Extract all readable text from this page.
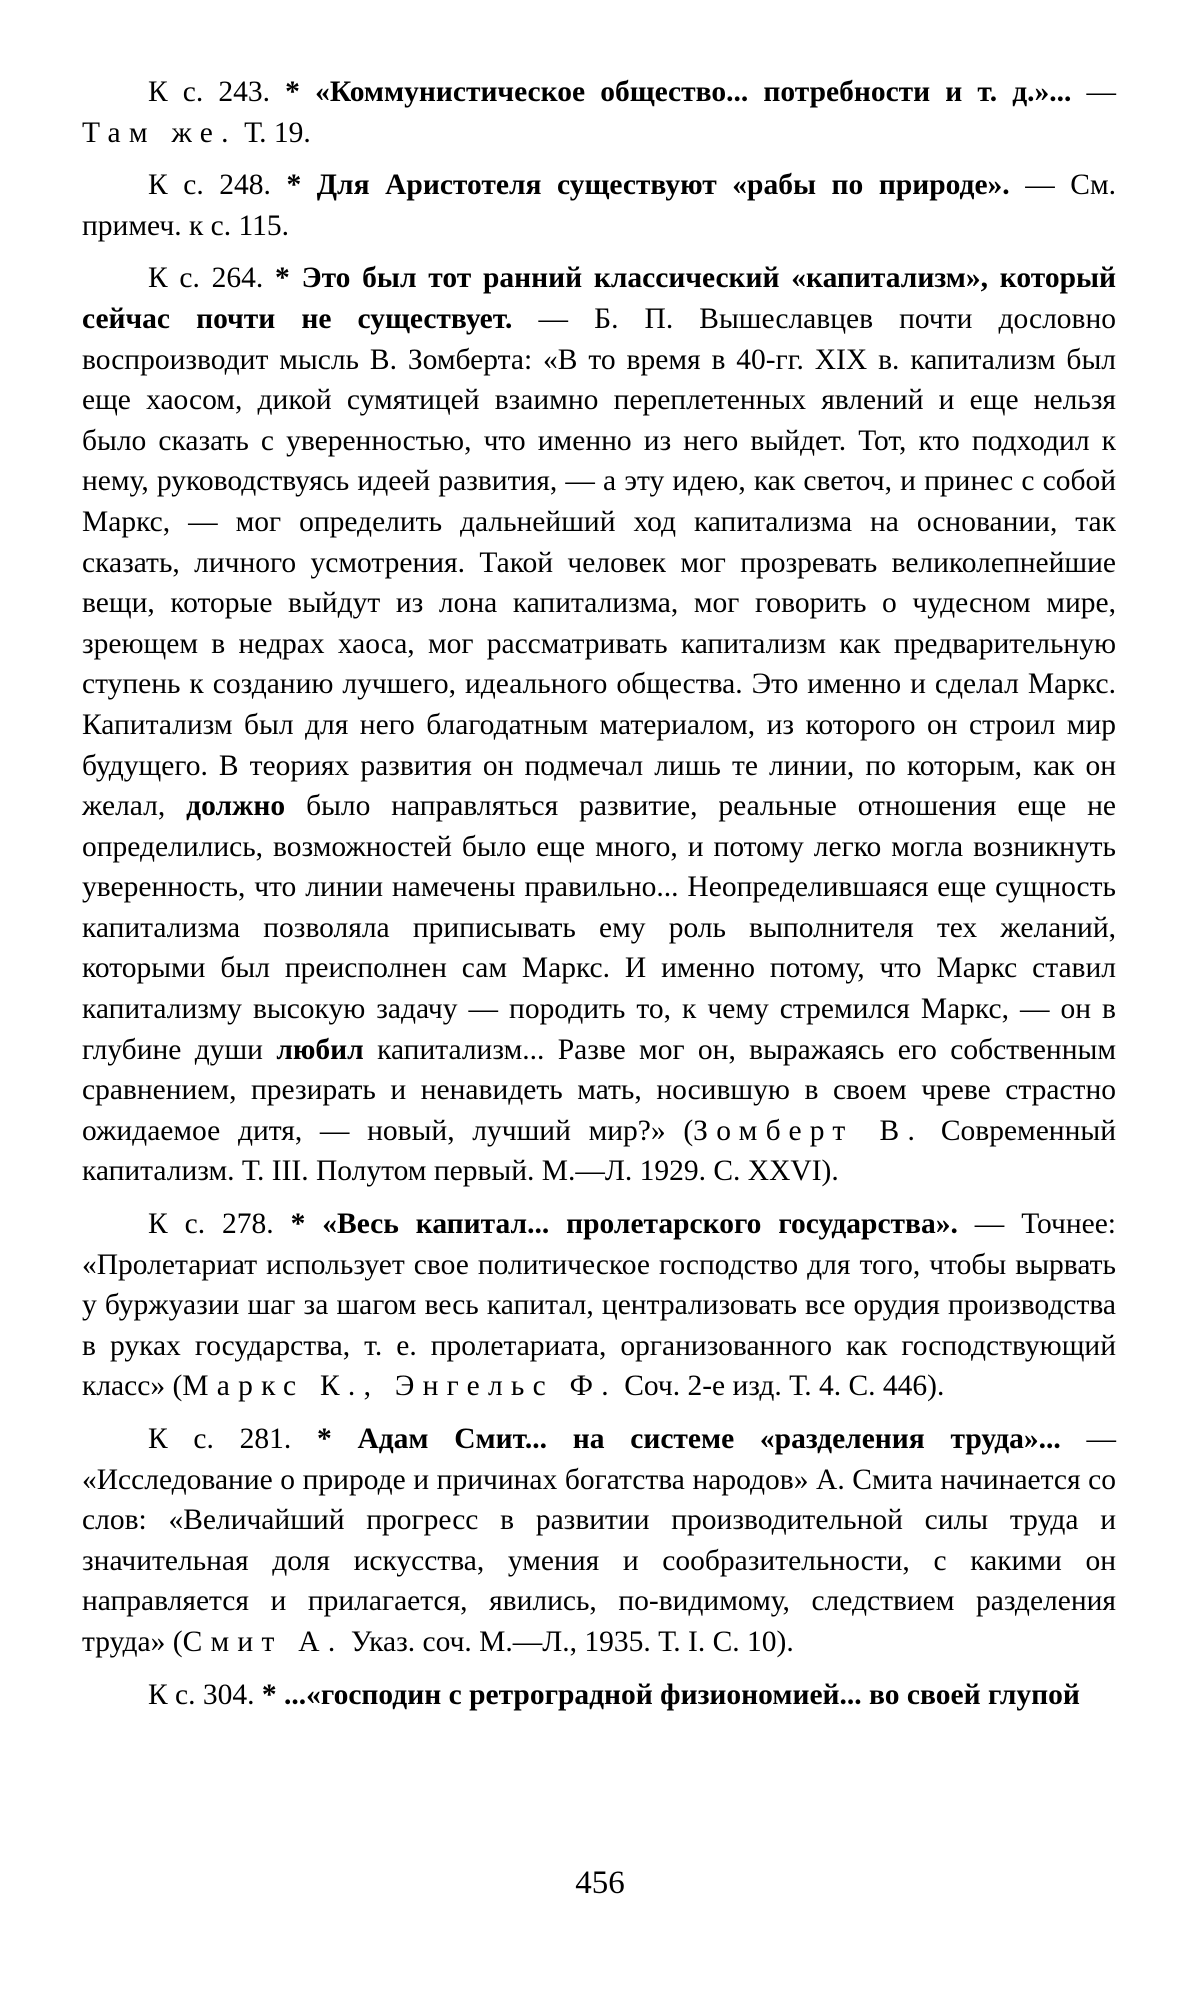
К с. 243. * «Коммунистическое общество... потребности и т. д.»... — Там же. Т. 19.

К с. 248. * Для Аристотеля существуют «рабы по природе». — См. примеч. к с. 115.

К с. 264. * Это был тот ранний классический «капитализм», который сейчас почти не существует. — Б. П. Вышеславцев почти дословно воспроизводит мысль В. Зомберта: «В то время в 40-гг. XIX в. капитализм был еще хаосом, дикой сумятицей взаимно переплетенных явлений и еще нельзя было сказать с уверенностью, что именно из него выйдет. Тот, кто подходил к нему, руководствуясь идеей развития, — а эту идею, как светоч, и принес с собой Маркс, — мог определить дальнейший ход капитализма на основании, так сказать, личного усмотрения. Такой человек мог прозревать великолепнейшие вещи, которые выйдут из лона капитализма, мог говорить о чудесном мире, зреющем в недрах хаоса, мог рассматривать капитализм как предварительную ступень к созданию лучшего, идеального общества. Это именно и сделал Маркс. Капитализм был для него благодатным материалом, из которого он строил мир будущего. В теориях развития он подмечал лишь те линии, по которым, как он желал, должно было направляться развитие, реальные отношения еще не определились, возможностей было еще много, и потому легко могла возникнуть уверенность, что линии намечены правильно... Неопределившаяся еще сущность капитализма позволяла приписывать ему роль выполнителя тех желаний, которыми был преисполнен сам Маркс. И именно потому, что Маркс ставил капитализму высокую задачу — породить то, к чему стремился Маркс, — он в глубине души любил капитализм... Разве мог он, выражаясь его собственным сравнением, презирать и ненавидеть мать, носившую в своем чреве страстно ожидаемое дитя, — новый, лучший мир?» (Зомберт В. Современный капитализм. Т. III. Полутом первый. М.—Л. 1929. С. XXVI).

К с. 278. * «Весь капитал... пролетарского государства». — Точнее: «Пролетариат использует свое политическое господство для того, чтобы вырвать у буржуазии шаг за шагом весь капитал, централизовать все орудия производства в руках государства, т. е. пролетариата, организованного как господствующий класс» (Маркс К., Энгельс Ф. Соч. 2-е изд. Т. 4. С. 446).

К с. 281. * Адам Смит... на системе «разделения труда»... — «Исследование о природе и причинах богатства народов» А. Смита начинается со слов: «Величайший прогресс в развитии производительной силы труда и значительная доля искусства, умения и сообразительности, с какими он направляется и прилагается, явились, по-видимому, следствием разделения труда» (Смит А. Указ. соч. М.—Л., 1935. Т. I. С. 10).

К с. 304. * ...«господин с ретроградной физиономией... во своей глупой

456
